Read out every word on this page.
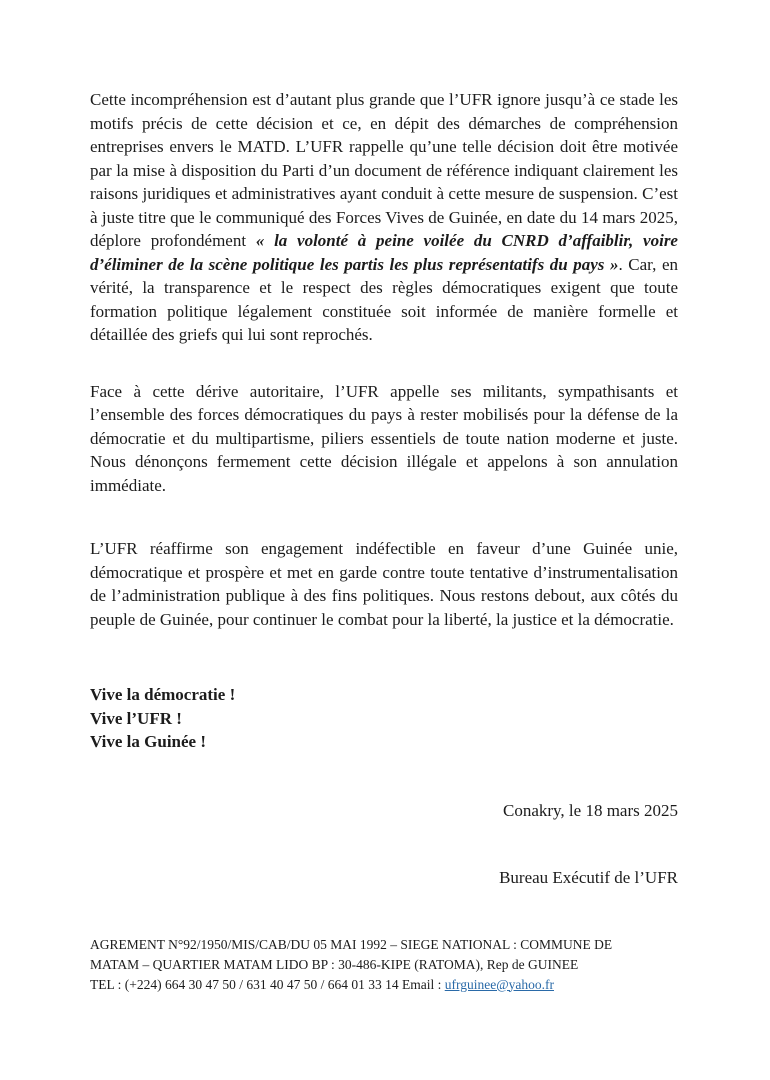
Cette incompréhension est d’autant plus grande que l’UFR ignore jusqu’à ce stade les motifs précis de cette décision et ce, en dépit des démarches de compréhension entreprises envers le MATD. L’UFR rappelle qu’une telle décision doit être motivée par la mise à disposition du Parti d’un document de référence indiquant clairement les raisons juridiques et administratives ayant conduit à cette mesure de suspension. C’est à juste titre que le communiqué des Forces Vives de Guinée, en date du 14 mars 2025, déplore profondément « la volonté à peine voilée du CNRD d’affaiblir, voire d’éliminer de la scène politique les partis les plus représentatifs du pays ». Car, en vérité, la transparence et le respect des règles démocratiques exigent que toute formation politique légalement constituée soit informée de manière formelle et détaillée des griefs qui lui sont reprochés.

Face à cette dérive autoritaire, l’UFR appelle ses militants, sympathisants et l’ensemble des forces démocratiques du pays à rester mobilisés pour la défense de la démocratie et du multipartisme, piliers essentiels de toute nation moderne et juste. Nous dénonçons fermement cette décision illégale et appelons à son annulation immédiate.

L’UFR réaffirme son engagement indéfectible en faveur d’une Guinée unie, démocratique et prospère et met en garde contre toute tentative d’instrumentalisation de l’administration publique à des fins politiques. Nous restons debout, aux côtés du peuple de Guinée, pour continuer le combat pour la liberté, la justice et la démocratie.

Vive la démocratie !
Vive l’UFR !
Vive la Guinée !
Conakry, le 18 mars 2025
Bureau Exécutif de l’UFR
AGREMENT N°92/1950/MIS/CAB/DU 05 MAI 1992 – SIEGE NATIONAL : COMMUNE DE
MATAM – QUARTIER MATAM LIDO BP : 30-486-KIPE (RATOMA), Rep de GUINEE
TEL : (+224) 664 30 47 50 / 631 40 47 50 / 664 01 33 14 Email : ufrguinee@yahoo.fr
